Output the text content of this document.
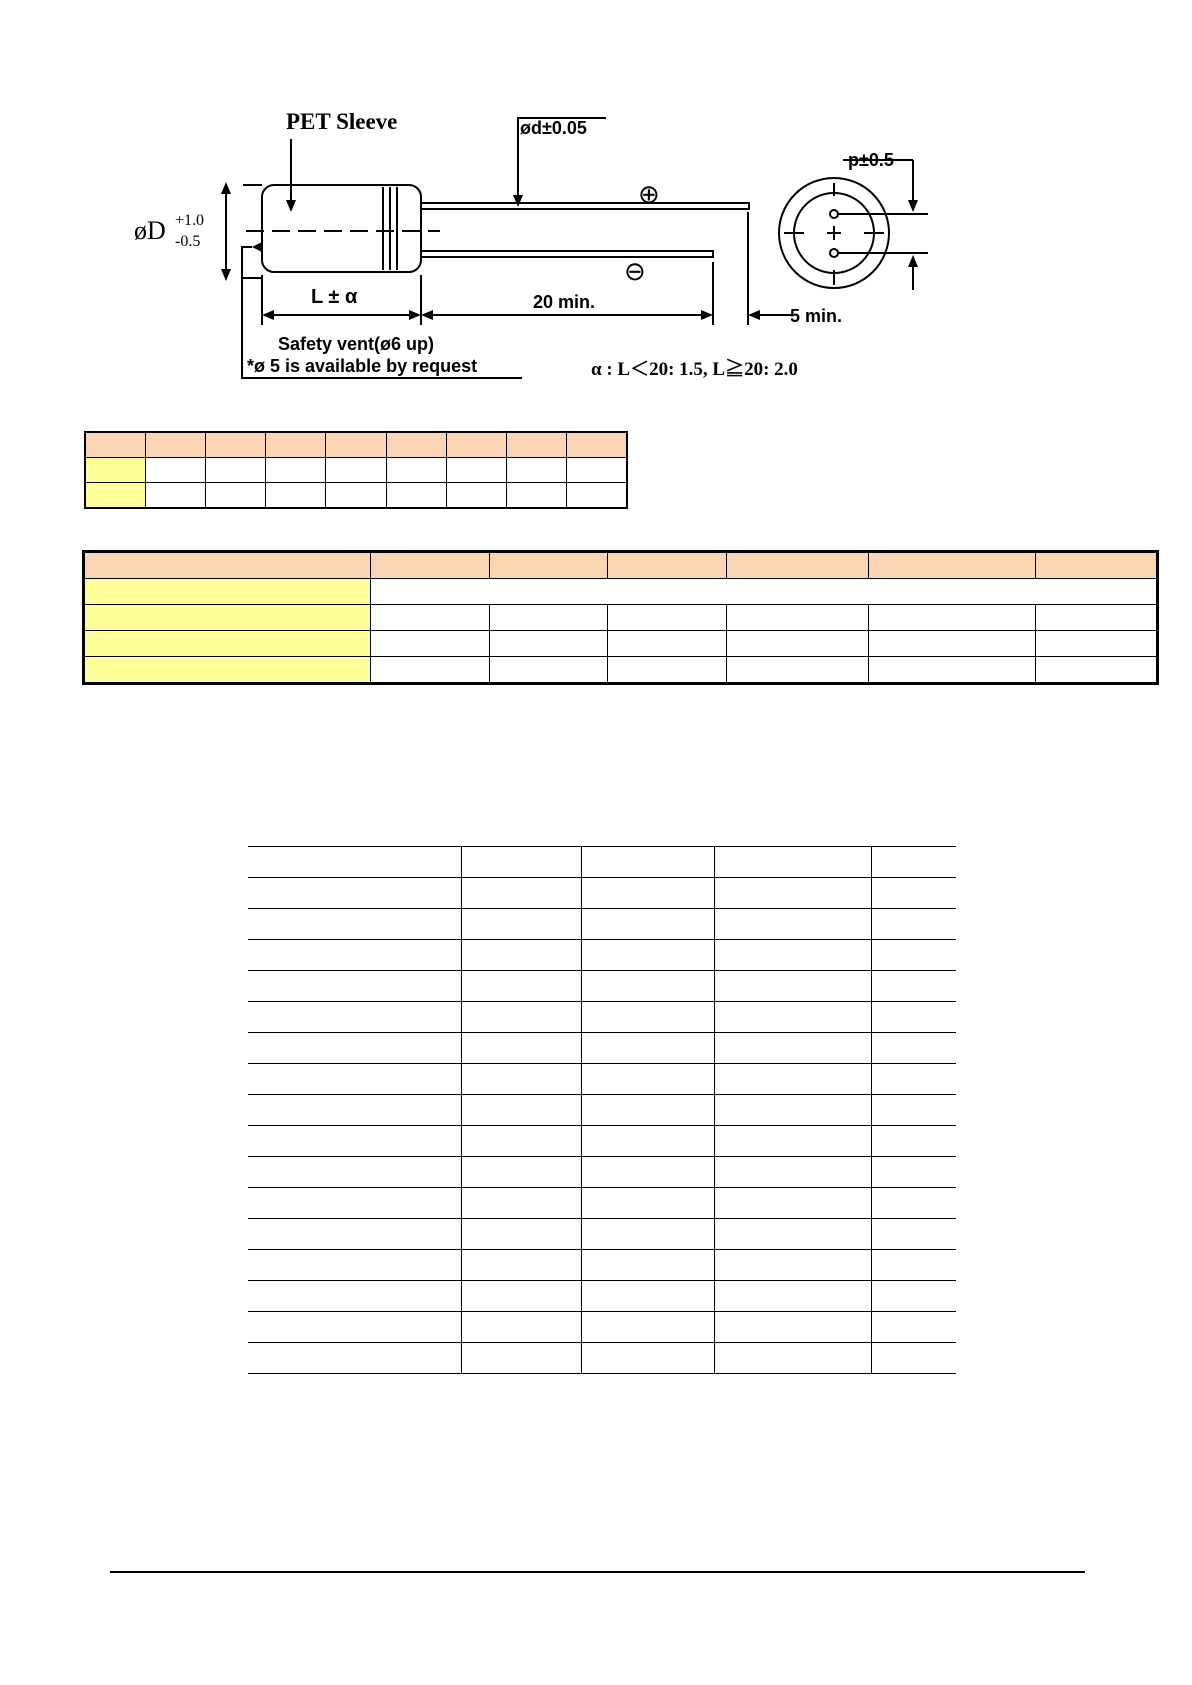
PET Sleeve	ød±0.05
⊕
⊖
øD +1.0
-0.5
L ± α	20 min.
5 min.
p±0.5
Safety vent(ø6 up)
*ø 5 is available by request	α : L＜20: 1.5, L≧20: 2.0
